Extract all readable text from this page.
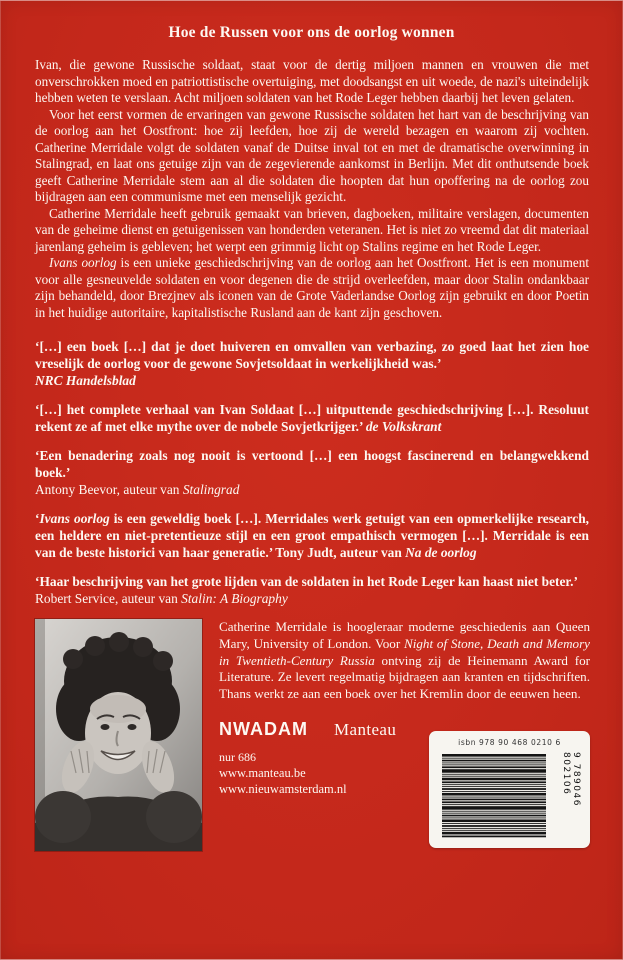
Hoe de Russen voor ons de oorlog wonnen

Ivan, die gewone Russische soldaat, staat voor de dertig miljoen mannen en vrouwen die met onverschrokken moed en patriottistische overtuiging, met doodsangst en uit woede, de nazi's uiteindelijk hebben weten te verslaan. Acht miljoen soldaten van het Rode Leger hebben daarbij het leven gelaten.

Voor het eerst vormen de ervaringen van gewone Russische soldaten het hart van de beschrijving van de oorlog aan het Oostfront: hoe zij leefden, hoe zij de wereld bezagen en waarom zij vochten. Catherine Merridale volgt de soldaten vanaf de Duitse inval tot en met de dramatische overwinning in Stalingrad, en laat ons getuige zijn van de zegevierende aankomst in Berlijn. Met dit onthutsende boek geeft Catherine Merridale stem aan al die soldaten die hoopten dat hun opoffering na de oorlog zou bijdragen aan een communisme met een menselijk gezicht.

Catherine Merridale heeft gebruik gemaakt van brieven, dagboeken, militaire verslagen, documenten van de geheime dienst en getuigenissen van honderden veteranen. Het is niet zo vreemd dat dit materiaal jarenlang geheim is gebleven; het werpt een grimmig licht op Stalins regime en het Rode Leger.

Ivans oorlog is een unieke geschiedschrijving van de oorlog aan het Oostfront. Het is een monument voor alle gesneuvelde soldaten en voor degenen die de strijd overleefden, maar door Stalin ondankbaar zijn behandeld, door Brezjnev als iconen van de Grote Vaderlandse Oorlog zijn gebruikt en door Poetin in het huidige autoritaire, kapitalistische Rusland aan de kant zijn geschoven.

‘[…] een boek […] dat je doet huiveren en omvallen van verbazing, zo goed laat het zien hoe vreselijk de oorlog voor de gewone Sovjetsoldaat in werkelijkheid was.’
NRC Handelsblad

‘[…] het complete verhaal van Ivan Soldaat […] uitputtende geschiedschrijving […]. Resoluut rekent ze af met elke mythe over de nobele Sovjetkrijger.’ de Volkskrant

‘Een benadering zoals nog nooit is vertoond […] een hoogst fascinerend en belangwekkend boek.’
Antony Beevor, auteur van Stalingrad

‘Ivans oorlog is een geweldig boek […]. Merridales werk getuigt van een opmerkelijke research, een heldere en niet-pretentieuze stijl en een groot empathisch vermogen […]. Merridale is een van de beste historici van haar generatie.’ Tony Judt, auteur van Na de oorlog

‘Haar beschrijving van het grote lijden van de soldaten in het Rode Leger kan haast niet beter.’
Robert Service, auteur van Stalin: A Biography

Catherine Merridale is hoogleraar moderne geschiedenis aan Queen Mary, University of London. Voor Night of Stone, Death and Memory in Twentieth-Century Russia ontving zij de Heinemann Award for Literature. Ze levert regelmatig bijdragen aan kranten en tijdschriften. Thans werkt ze aan een boek over het Kremlin door de eeuwen heen.
NWADAM Manteau
nur 686
www.manteau.be
www.nieuwamsterdam.nl
isbn 978 90 468 0210 6
9 789046 802106
